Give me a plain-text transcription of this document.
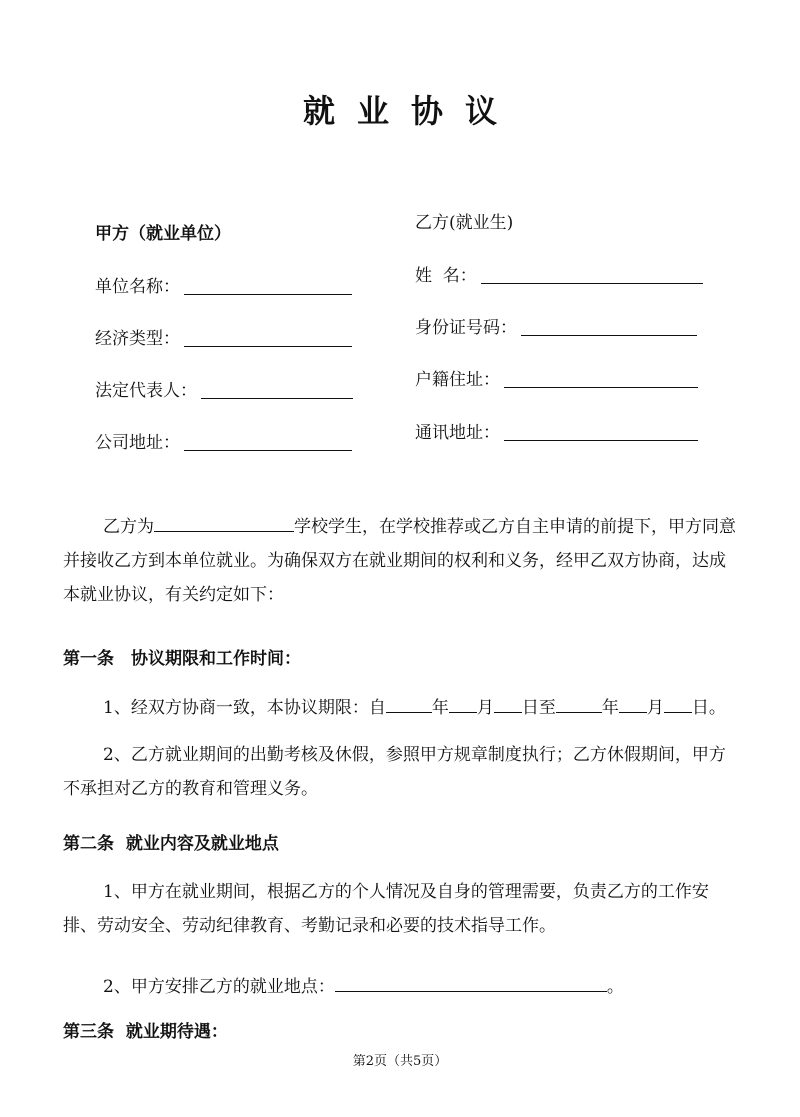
就业协议
甲方（就业单位）
单位名称：
经济类型：
法定代表人：
公司地址：
乙方(就业生)
姓  名：
身份证号码：
户籍住址：
通讯地址：
乙方为	学校学生，在学校推荐或乙方自主申请的前提下，甲方同意并接收乙方到本单位就业。为确保双方在就业期间的权利和义务，经甲乙双方协商，达成本就业协议，有关约定如下：
第一条　协议期限和工作时间：
1、经双方协商一致，本协议期限：自	年 月 日至	年 月 日。
2、乙方就业期间的出勤考核及休假，参照甲方规章制度执行；乙方休假期间，甲方不承担对乙方的教育和管理义务。
第二条  就业内容及就业地点
1、甲方在就业期间，根据乙方的个人情况及自身的管理需要，负责乙方的工作安排、劳动安全、劳动纪律教育、考勤记录和必要的技术指导工作。
2、甲方安排乙方的就业地点：	。
第三条  就业期待遇：
第2页（共5页）
